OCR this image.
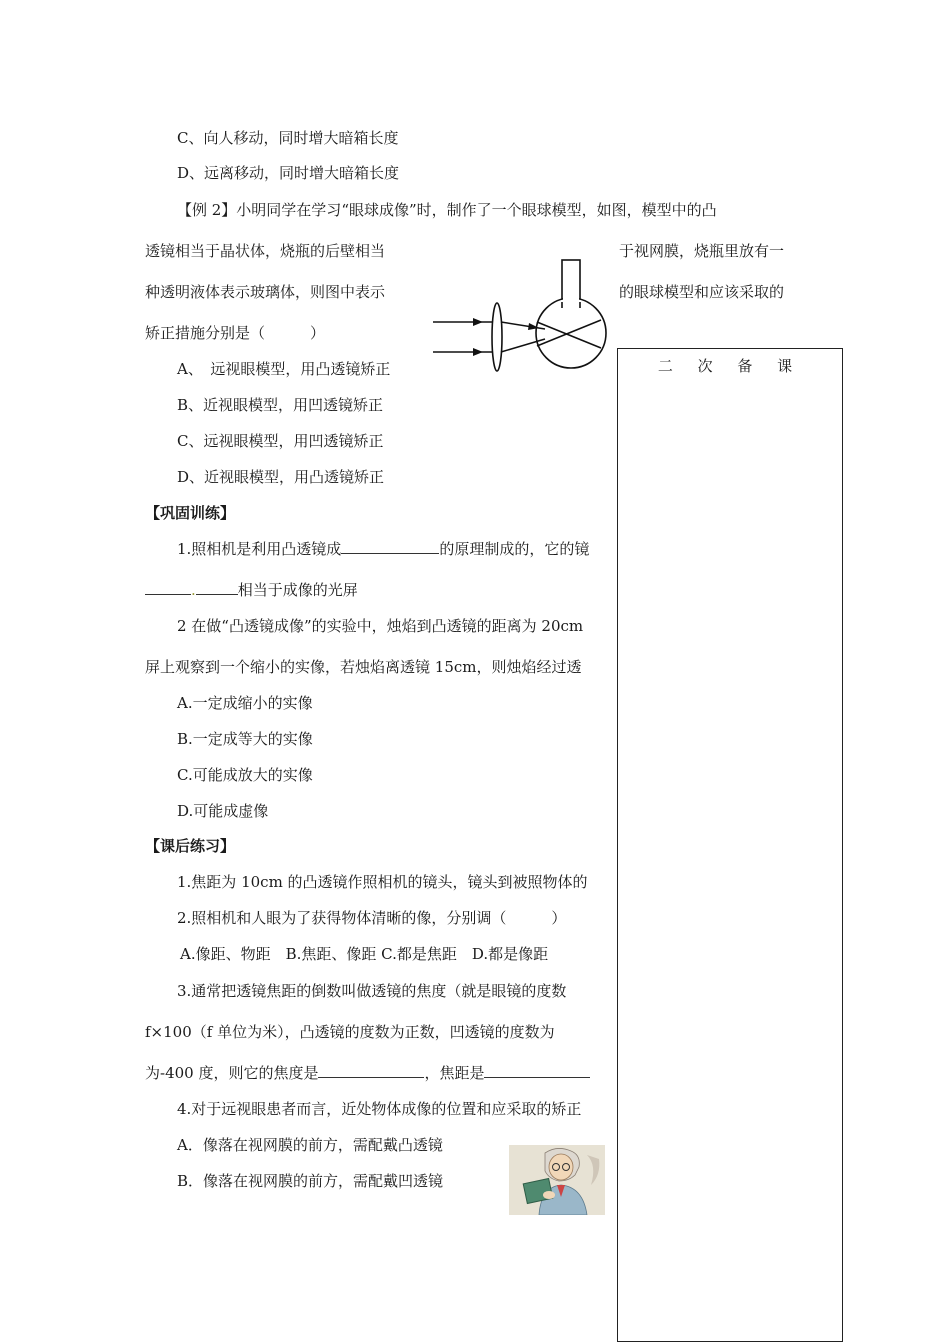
C、向人移动，同时增大暗箱长度
D、远离移动，同时增大暗箱长度
【例 2】小明同学在学习“眼球成像”时，制作了一个眼球模型，如图，模型中的凸
透镜相当于晶状体，烧瓶的后壁相当	于视网膜，烧瓶里放有一
种透明液体表示玻璃体，则图中表示	的眼球模型和应该采取的
矫正措施分别是（　　　）
A、　远视眼模型，用凸透镜矫正
B、近视眼模型，用凹透镜矫正
C、远视眼模型，用凹透镜矫正
D、近视眼模型，用凸透镜矫正
【巩固训练】
1.照相机是利用凸透镜成	的原理制成的，它的镜
.	相当于成像的光屏
2 在做“凸透镜成像”的实验中，烛焰到凸透镜的距离为 20cm
屏上观察到一个缩小的实像，若烛焰离透镜 15cm，则烛焰经过透
A.一定成缩小的实像
B.一定成等大的实像
C.可能成放大的实像
D.可能成虚像
【课后练习】
1.焦距为 10cm 的凸透镜作照相机的镜头，镜头到被照物体的
2.照相机和人眼为了获得物体清晰的像，分别调（　　　）
A.像距、物距　B.焦距、像距 C.都是焦距　D.都是像距
3.通常把透镜焦距的倒数叫做透镜的焦度（就是眼镜的度数
f×100（f 单位为米），凸透镜的度数为正数，凹透镜的度数为
为-400 度，则它的焦度是	，焦距是
4.对于远视眼患者而言，近处物体成像的位置和应采取的矫正
A．像落在视网膜的前方，需配戴凸透镜
B．像落在视网膜的前方，需配戴凹透镜
二 次 备 课
